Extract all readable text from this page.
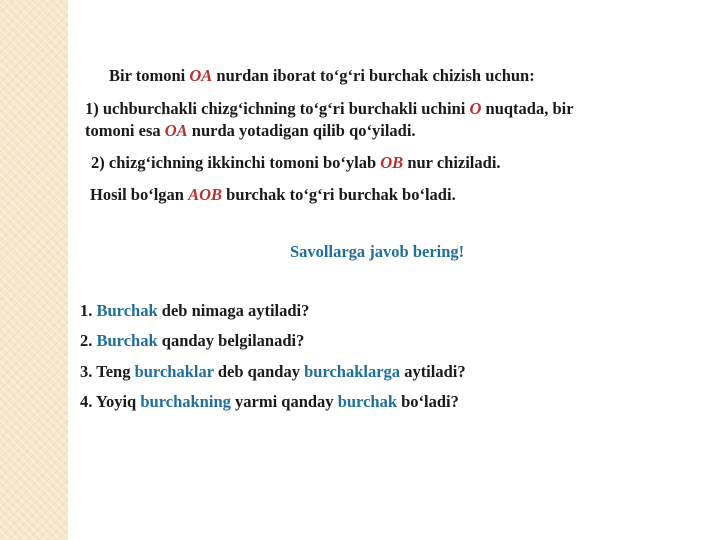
Bir tomoni OA nurdan iborat to‘g‘ri burchak chizish uchun:
1) uchburchakli chizg‘ichning to‘g‘ri burchakli uchini O nuqtada, bir
tomoni esa OA nurda yotadigan qilib qo‘yiladi.
2) chizg‘ichning ikkinchi tomoni bo‘ylab OB nur chiziladi.
Hosil bo‘lgan AOB burchak to‘g‘ri burchak bo‘ladi.
Savollarga javob bering!
1. Burchak deb nimaga aytiladi?
2. Burchak qanday belgilanadi?
3. Teng burchaklar deb qanday burchaklarga aytiladi?
4. Yoyiq burchakning yarmi qanday burchak bo‘ladi?
